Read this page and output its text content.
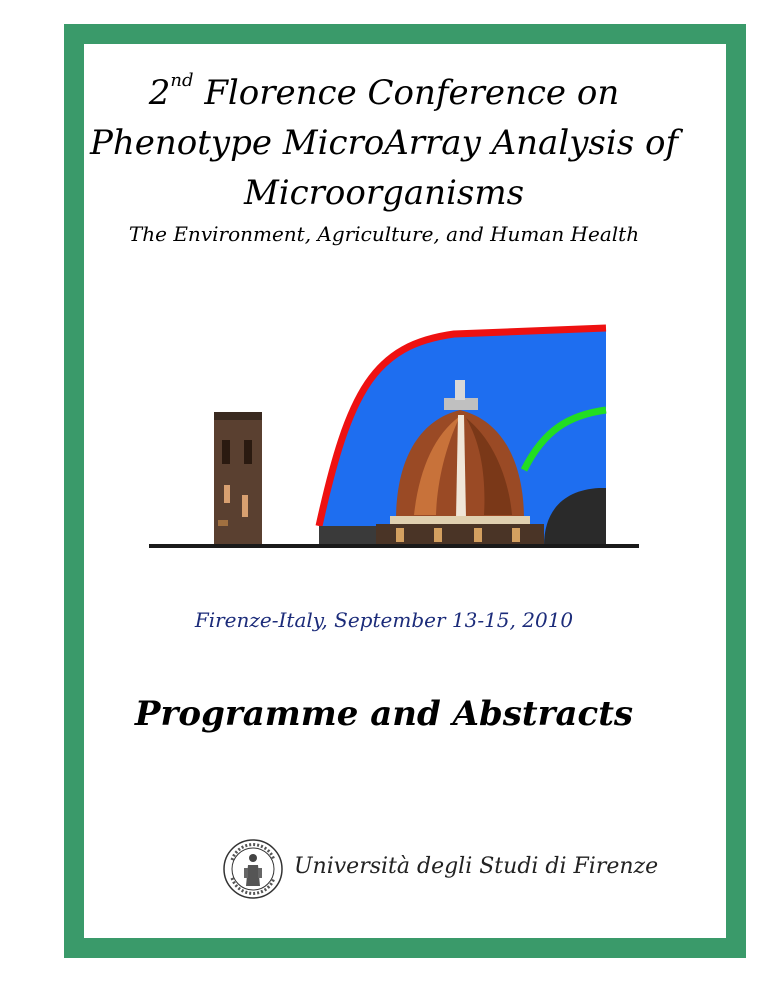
2nd Florence Conference on
Phenotype MicroArray Analysis of
Microorganisms
The Environment, Agriculture, and Human Health
Firenze-Italy, September 13-15, 2010
Programme and Abstracts
Università degli Studi di Firenze
